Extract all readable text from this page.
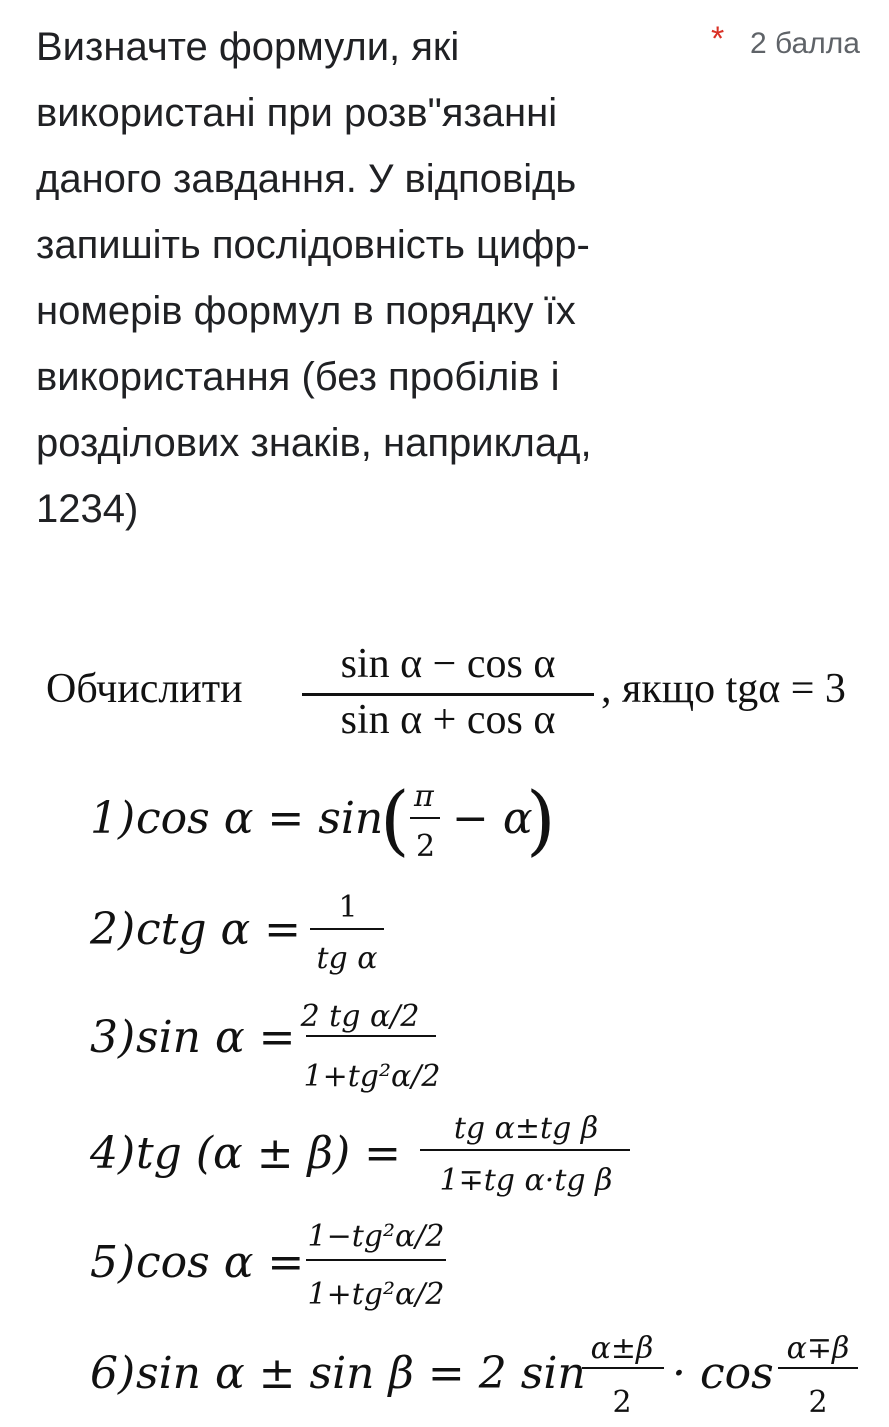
Визначте формули, які
використані при розв"язанні
даного завдання. У відповідь
запишіть послідовність цифр-
номерів формул в порядку їх
використання (без пробілів і
розділових знаків, наприклад,
1234)
* 2 балла
Обчислити
sin α − cos α
sin α + cos α
, якщо tgα = 3
1) cos α = sin
( π
2
− α
)
2) ctg α = 1
tg α
3) sin α = 2 tg α/2
1+tg²α/2
4) tg (α ± β) = tg α±tg β
1∓tg α·tg β
5) cos α =
1−tg²α/2
1+tg²α/2
6) sin α ± sin β = 2 sin α±β
2
· cos α∓β
2
